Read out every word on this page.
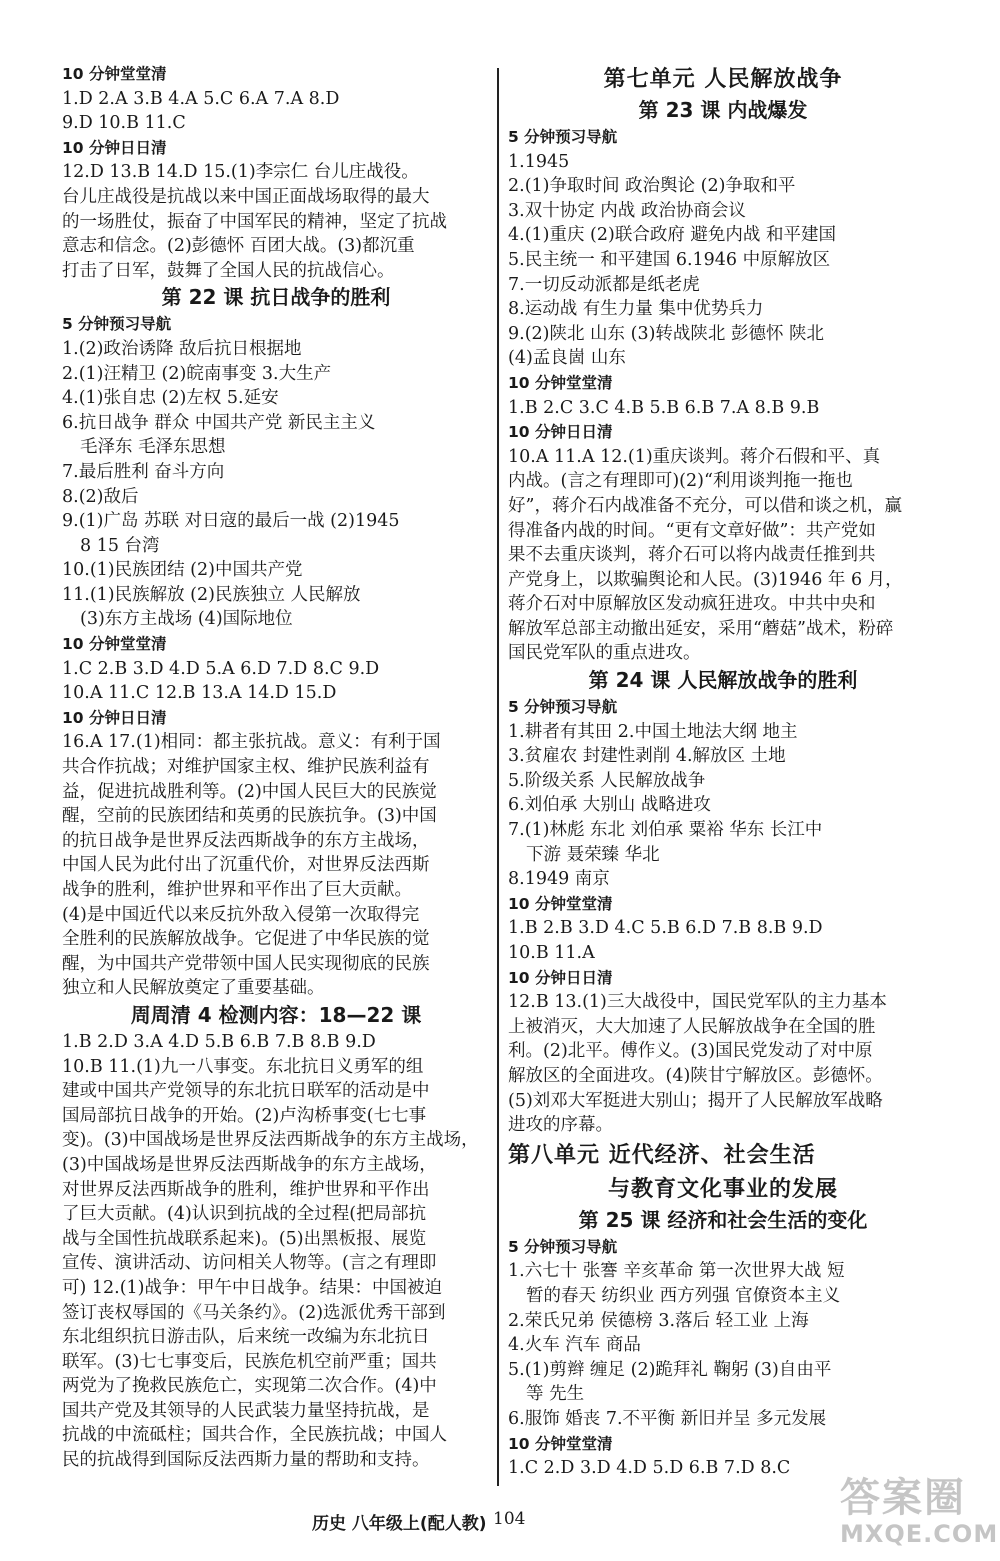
10 分钟堂堂清
1.D 2.A 3.B 4.A 5.C 6.A 7.A 8.D
9.D 10.B 11.C
10 分钟日日清
12.D 13.B 14.D 15.(1)李宗仁 台儿庄战役。
台儿庄战役是抗战以来中国正面战场取得的最大
的一场胜仗，振奋了中国军民的精神，坚定了抗战
意志和信念。(2)彭德怀 百团大战。(3)都沉重
打击了日军，鼓舞了全国人民的抗战信心。
第 22 课 抗日战争的胜利
5 分钟预习导航
1.(2)政治诱降 敌后抗日根据地
2.(1)汪精卫 (2)皖南事变 3.大生产
4.(1)张自忠 (2)左权 5.延安
6.抗日战争 群众 中国共产党 新民主主义
毛泽东 毛泽东思想
7.最后胜利 奋斗方向
8.(2)敌后
9.(1)广岛 苏联 对日寇的最后一战 (2)1945
8 15 台湾
10.(1)民族团结 (2)中国共产党
11.(1)民族解放 (2)民族独立 人民解放
(3)东方主战场 (4)国际地位
10 分钟堂堂清
1.C 2.B 3.D 4.D 5.A 6.D 7.D 8.C 9.D
10.A 11.C 12.B 13.A 14.D 15.D
10 分钟日日清
16.A 17.(1)相同：都主张抗战。意义：有利于国
共合作抗战；对维护国家主权、维护民族利益有
益，促进抗战胜利等。(2)中国人民巨大的民族觉
醒，空前的民族团结和英勇的民族抗争。(3)中国
的抗日战争是世界反法西斯战争的东方主战场，
中国人民为此付出了沉重代价，对世界反法西斯
战争的胜利，维护世界和平作出了巨大贡献。
(4)是中国近代以来反抗外敌入侵第一次取得完
全胜利的民族解放战争。它促进了中华民族的觉
醒，为中国共产党带领中国人民实现彻底的民族
独立和人民解放奠定了重要基础。
周周清 4 检测内容：18—22 课
1.B 2.D 3.A 4.D 5.B 6.B 7.B 8.B 9.D
10.B 11.(1)九一八事变。东北抗日义勇军的组
建或中国共产党领导的东北抗日联军的活动是中
国局部抗日战争的开始。(2)卢沟桥事变(七七事
变)。(3)中国战场是世界反法西斯战争的东方主战场，
(3)中国战场是世界反法西斯战争的东方主战场，
对世界反法西斯战争的胜利，维护世界和平作出
了巨大贡献。(4)认识到抗战的全过程(把局部抗
战与全国性抗战联系起来)。(5)出黑板报、展览
宣传、演讲活动、访问相关人物等。(言之有理即
可) 12.(1)战争：甲午中日战争。结果：中国被迫
签订丧权辱国的《马关条约》。(2)选派优秀干部到
东北组织抗日游击队，后来统一改编为东北抗日
联军。(3)七七事变后，民族危机空前严重；国共
两党为了挽救民族危亡，实现第二次合作。(4)中
国共产党及其领导的人民武装力量坚持抗战，是
抗战的中流砥柱；国共合作，全民族抗战；中国人
民的抗战得到国际反法西斯力量的帮助和支持。
第七单元 人民解放战争
第 23 课 内战爆发
5 分钟预习导航
1.1945
2.(1)争取时间 政治舆论 (2)争取和平
3.双十协定 内战 政治协商会议
4.(1)重庆 (2)联合政府 避免内战 和平建国
5.民主统一 和平建国 6.1946 中原解放区
7.一切反动派都是纸老虎
8.运动战 有生力量 集中优势兵力
9.(2)陕北 山东 (3)转战陕北 彭德怀 陕北
(4)孟良崮 山东
10 分钟堂堂清
1.B 2.C 3.C 4.B 5.B 6.B 7.A 8.B 9.B
10 分钟日日清
10.A 11.A 12.(1)重庆谈判。蒋介石假和平、真
内战。(言之有理即可)(2)“利用谈判拖一拖也
好”，蒋介石内战准备不充分，可以借和谈之机，赢
得准备内战的时间。“更有文章好做”：共产党如
果不去重庆谈判，蒋介石可以将内战责任推到共
产党身上，以欺骗舆论和人民。(3)1946 年 6 月，
蒋介石对中原解放区发动疯狂进攻。中共中央和
解放军总部主动撤出延安，采用“蘑菇”战术，粉碎
国民党军队的重点进攻。
第 24 课 人民解放战争的胜利
5 分钟预习导航
1.耕者有其田 2.中国土地法大纲 地主
3.贫雇农 封建性剥削 4.解放区 土地
5.阶级关系 人民解放战争
6.刘伯承 大别山 战略进攻
7.(1)林彪 东北 刘伯承 粟裕 华东 长江中
下游 聂荣臻 华北
8.1949 南京
10 分钟堂堂清
1.B 2.B 3.D 4.C 5.B 6.D 7.B 8.B 9.D
10.B 11.A
10 分钟日日清
12.B 13.(1)三大战役中，国民党军队的主力基本
上被消灭，大大加速了人民解放战争在全国的胜
利。(2)北平。傅作义。(3)国民党发动了对中原
解放区的全面进攻。(4)陕甘宁解放区。彭德怀。
(5)刘邓大军挺进大别山；揭开了人民解放军战略
进攻的序幕。
第八单元 近代经济、社会生活
与教育文化事业的发展
第 25 课 经济和社会生活的变化
5 分钟预习导航
1.六七十 张謇 辛亥革命 第一次世界大战 短
暂的春天 纺织业 西方列强 官僚资本主义
2.荣氏兄弟 侯德榜 3.落后 轻工业 上海
4.火车 汽车 商品
5.(1)剪辫 缠足 (2)跪拜礼 鞠躬 (3)自由平
等 先生
6.服饰 婚丧 7.不平衡 新旧并呈 多元发展
10 分钟堂堂清
1.C 2.D 3.D 4.D 5.D 6.B 7.D 8.C
历史 八年级上(配人教) 104	答案圈
MXQE.COM
